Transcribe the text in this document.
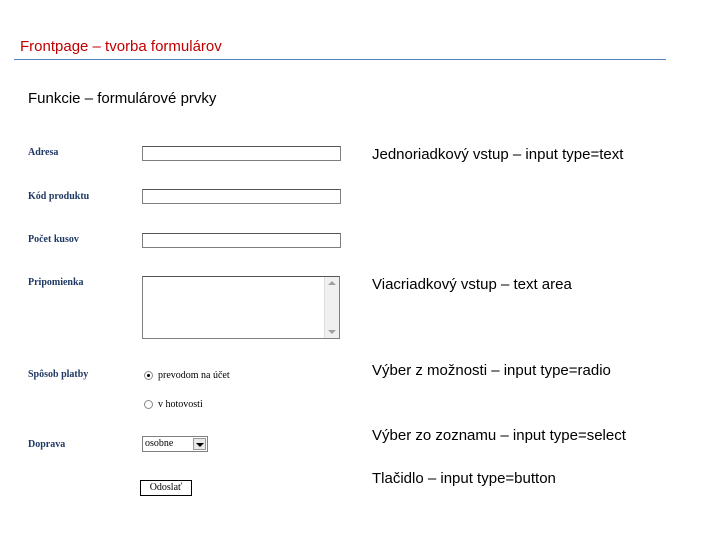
Frontpage – tvorba formulárov
Funkcie – formulárové prvky
Adresa
Kód produktu
Počet kusov
Pripomienka
Spôsob platby
Doprava
prevodom na účet
v hotovosti
osobne
Odoslať
Jednoriadkový vstup – input type=text
Viacriadkový vstup – text area
Výber z možnosti – input type=radio
Výber zo zoznamu – input type=select
Tlačidlo – input type=button
